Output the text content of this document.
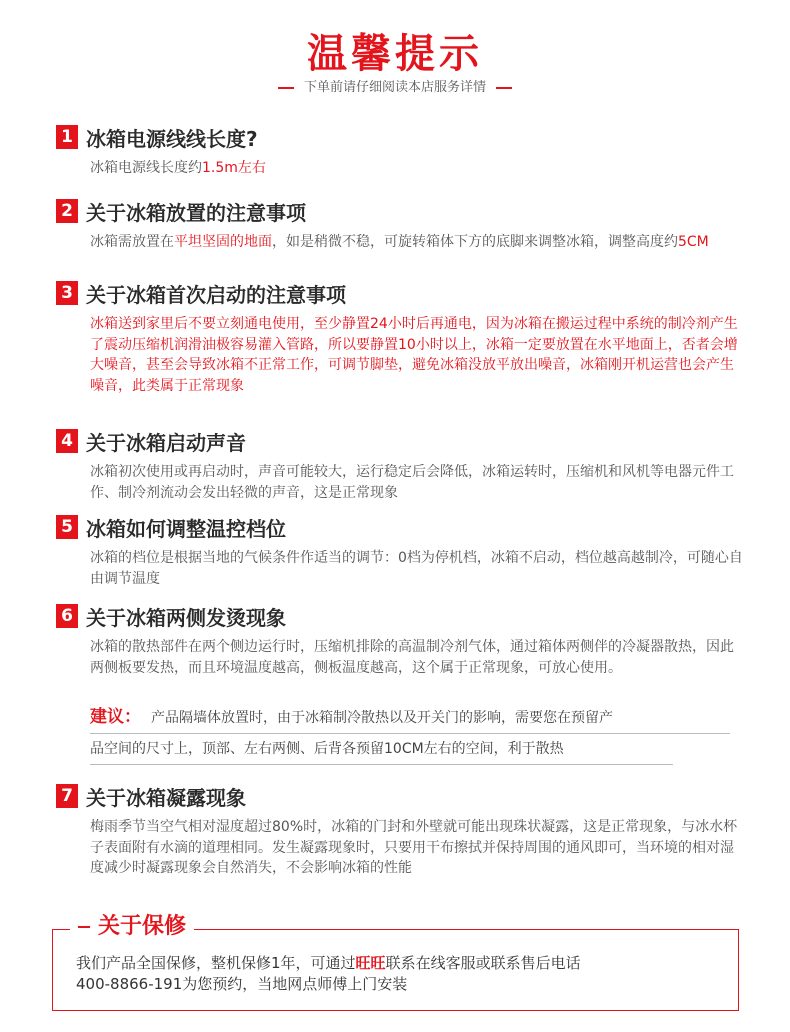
温馨提示
下单前请仔细阅读本店服务详情
1 冰箱电源线线长度?
冰箱电源线长度约1.5m左右
2 关于冰箱放置的注意事项
冰箱需放置在平坦坚固的地面，如是稍微不稳，可旋转箱体下方的底脚来调整冰箱，调整高度约5CM
3 关于冰箱首次启动的注意事项
冰箱送到家里后不要立刻通电使用，至少静置24小时后再通电，因为冰箱在搬运过程中系统的制冷剂产生了震动压缩机润滑油极容易灌入管路，所以要静置10小时以上，冰箱一定要放置在水平地面上，否者会增大噪音，甚至会导致冰箱不正常工作，可调节脚垫，避免冰箱没放平放出噪音，冰箱刚开机运营也会产生噪音，此类属于正常现象
4 关于冰箱启动声音
冰箱初次使用或再启动时，声音可能较大，运行稳定后会降低，冰箱运转时，压缩机和风机等电器元件工作、制冷剂流动会发出轻微的声音，这是正常现象
5 冰箱如何调整温控档位
冰箱的档位是根据当地的气候条件作适当的调节：0档为停机档，冰箱不启动，档位越高越制冷，可随心自由调节温度
6 关于冰箱两侧发烫现象
冰箱的散热部件在两个侧边运行时，压缩机排除的高温制冷剂气体，通过箱体两侧伴的冷凝器散热，因此两侧板要发热，而且环境温度越高，侧板温度越高，这个属于正常现象，可放心使用。
建议： 产品隔墙体放置时，由于冰箱制冷散热以及开关门的影响，需要您在预留产
品空间的尺寸上，顶部、左右两侧、后背各预留10CM左右的空间，利于散热
7 关于冰箱凝露现象
梅雨季节当空气相对湿度超过80%时，冰箱的门封和外壁就可能出现珠状凝露，这是正常现象，与冰水杯子表面附有水滴的道理相同。发生凝露现象时，只要用干布擦拭并保持周围的通风即可，当环境的相对湿度减少时凝露现象会自然消失，不会影响冰箱的性能
关于保修
我们产品全国保修，整机保修1年，可通过旺旺联系在线客服或联系售后电话
400-8866-191为您预约，当地网点师傅上门安装
